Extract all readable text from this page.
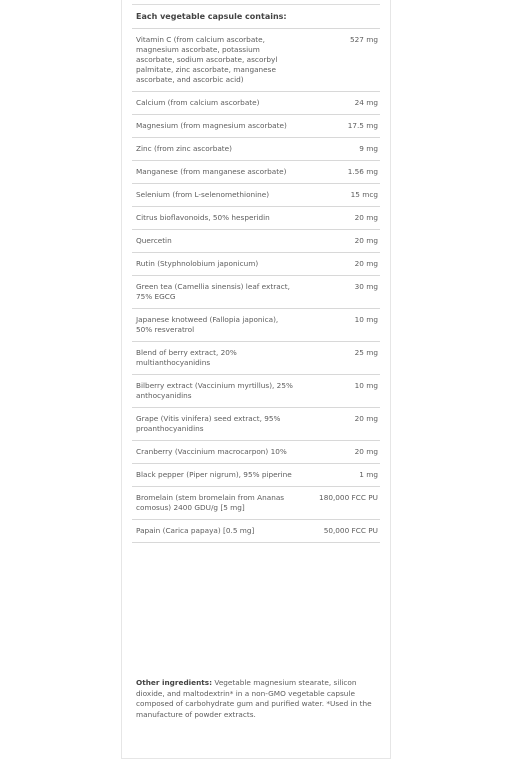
Each vegetable capsule contains:
Vitamin C (from calcium ascorbate, magnesium ascorbate, potassium ascorbate, sodium ascorbate, ascorbyl palmitate, zinc ascorbate, manganese ascorbate, and ascorbic acid)	527 mg
Calcium (from calcium ascorbate)	24 mg
Magnesium (from magnesium ascorbate)	17.5 mg
Zinc (from zinc ascorbate)	9 mg
Manganese (from manganese ascorbate)	1.56 mg
Selenium (from L-selenomethionine)	15 mcg
Citrus bioflavonoids, 50% hesperidin	20 mg
Quercetin	20 mg
Rutin (Styphnolobium japonicum)	20 mg
Green tea (Camellia sinensis) leaf extract, 75% EGCG	30 mg
Japanese knotweed (Fallopia japonica), 50% resveratrol	10 mg
Blend of berry extract, 20% multianthocyanidins	25 mg
Bilberry extract (Vaccinium myrtillus), 25% anthocyanidins	10 mg
Grape (Vitis vinifera) seed extract, 95% proanthocyanidins	20 mg
Cranberry (Vaccinium macrocarpon) 10%	20 mg
Black pepper (Piper nigrum), 95% piperine	1 mg
Bromelain (stem bromelain from Ananas comosus) 2400 GDU/g [5 mg]	180,000 FCC PU
Papain (Carica papaya) [0.5 mg]	50,000 FCC PU
Other ingredients: Vegetable magnesium stearate, silicon dioxide, and maltodextrin* in a non-GMO vegetable capsule composed of carbohydrate gum and purified water. *Used in the manufacture of powder extracts.
